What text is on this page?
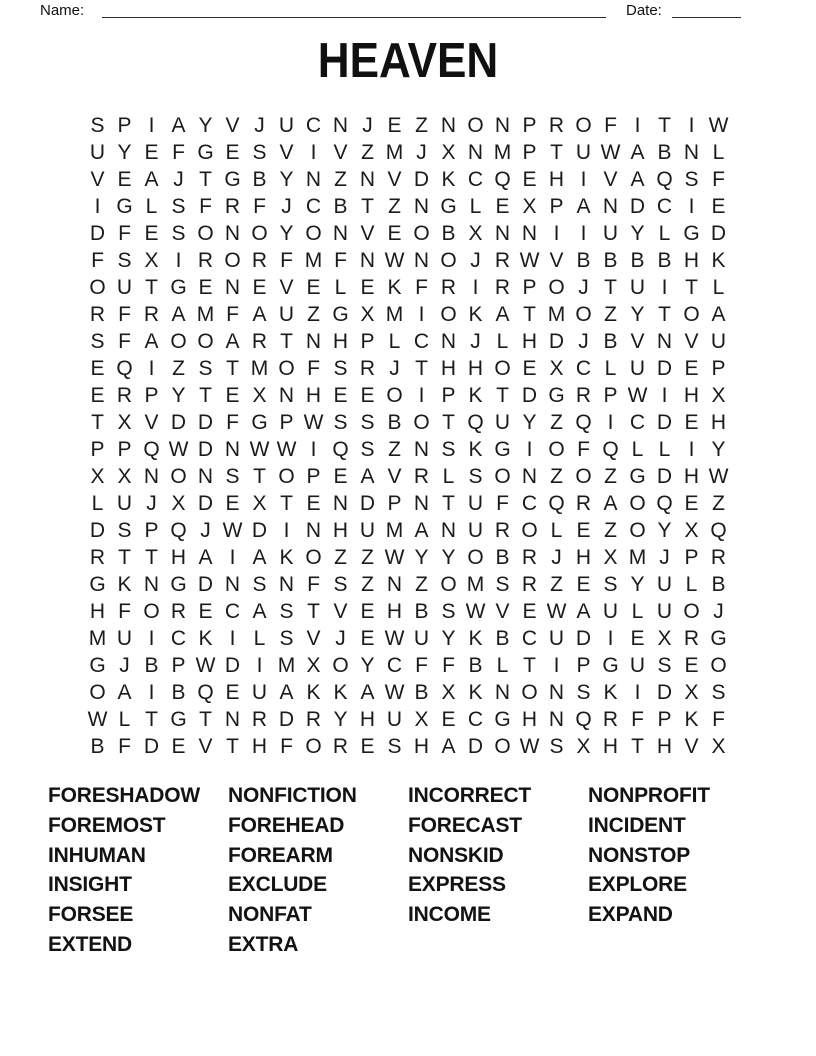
Name:	Date:
HEAVEN
S P I A Y V J U C N J E Z N O N P R O F I T I W
U Y E F G E S V I V Z M J X N M P T U W A B N L
V E A J T G B Y N Z N V D K C Q E H I V A Q S F
I G L S F R F J C B T Z N G L E X P A N D C I E
D F E S O N O Y O N V E O B X N N I	I U Y L G D
F S X I R O R F M F N W N O J R W V B B B B H K
O U T G E N E V E L E K F R I R P O J T U I T L
R F R A M F A U Z G X M I O K A T M O Z Y T O A
S F A O O A R T N H P L C N J L H D J B V N V U
E Q I Z S T M O F S R J T H H O E X C L U D E P
E R P Y T E X N H E E O I P K T D G R P W I H X
T X V D D F G P W S S B O T Q U Y Z Q I C D E H
P P Q W D N W W I Q S Z N S K G I O F Q L L I Y
X X N O N S T O P E A V R L S O N Z O Z G D H W
L U J X D E X T E N D P N T U F C Q R A O Q E Z
D S P Q J W D I N H U M A N U R O L E Z O Y X Q
R T T H A I A K O Z Z W Y Y O B R J H X M J P R
G K N G D N S N F S Z N Z O M S R Z E S Y U L B
H F O R E C A S T V E H B S W V E W A U L U O J
M U I C K I L S V J E W U Y K B C U D I E X R G
G J B P W D I M X O Y C F F B L T I P G U S E O
O A I B Q E U A K K A W B X K N O N S K I D X S
W L T G T N R D R Y H U X E C G H N Q R F P K F
B F D E V T H F O R E S H A D O W S X H T H V X
FORESHADOW
FOREMOST
INHUMAN
INSIGHT
FORSEE
EXTEND
NONFICTION
FOREHEAD
FOREARM
EXCLUDE
NONFAT
EXTRA
INCORRECT
FORECAST
NONSKID
EXPRESS
INCOME
NONPROFIT
INCIDENT
NONSTOP
EXPLORE
EXPAND
